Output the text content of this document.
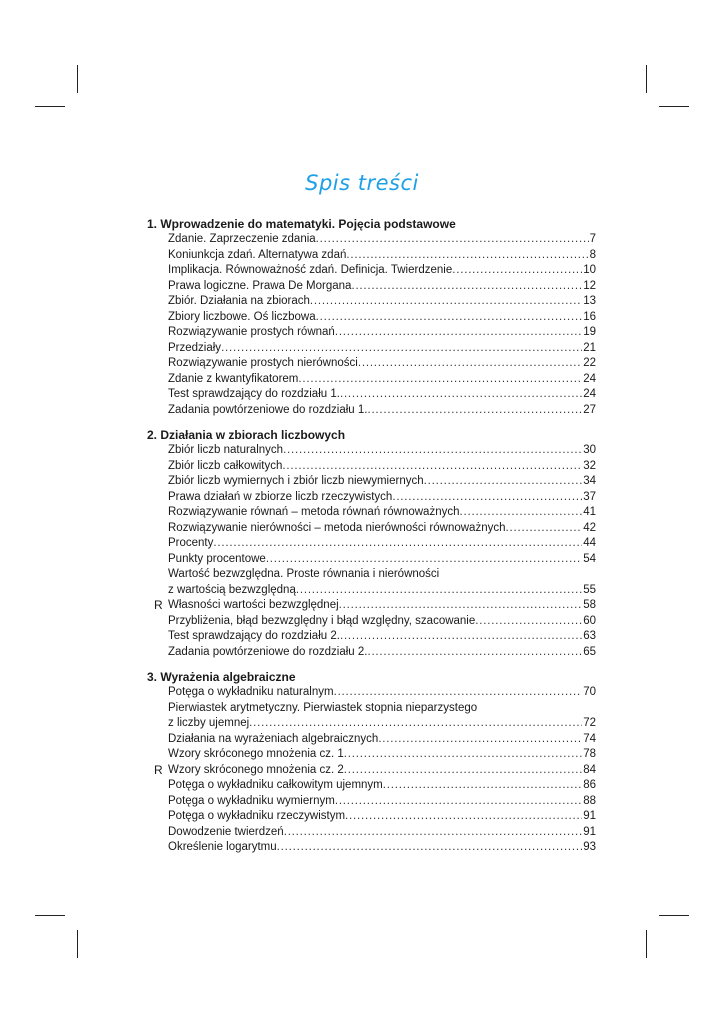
Spis treści
1. Wprowadzenie do matematyki. Pojęcia podstawowe
Zdanie. Zaprzeczenie zdania . . .	7
Koniunkcja zdań. Alternatywa zdań . . .	8
Implikacja. Równoważność zdań. Definicja. Twierdzenie . . .	10
Prawa logiczne. Prawa De Morgana . . .	12
Zbiór. Działania na zbiorach . . .	13
Zbiory liczbowe. Oś liczbowa . . .	16
Rozwiązywanie prostych równań . . .	19
Przedziały . . .	21
Rozwiązywanie prostych nierówności . . .	22
Zdanie z kwantyfikatorem . . .	24
Test sprawdzający do rozdziału 1. . . .	24
Zadania powtórzeniowe do rozdziału 1. . . .	27
2. Działania w zbiorach liczbowych
Zbiór liczb naturalnych . . .	30
Zbiór liczb całkowitych . . .	32
Zbiór liczb wymiernych i zbiór liczb niewymiernych . . .	34
Prawa działań w zbiorze liczb rzeczywistych . . .	37
Rozwiązywanie równań – metoda równań równoważnych . . .	41
Rozwiązywanie nierówności – metoda nierówności równoważnych . . .	42
Procenty . . .	44
Punkty procentowe . . .	54
Wartość bezwzględna. Proste równania i nierówności
z wartością bezwzględną . . .	55
R Własności wartości bezwzględnej . . .	58
Przybliżenia, błąd bezwzględny i błąd względny, szacowanie . . .	60
Test sprawdzający do rozdziału 2. . . .	63
Zadania powtórzeniowe do rozdziału 2. . . .	65
3. Wyrażenia algebraiczne
Potęga o wykładniku naturalnym . . .	70
Pierwiastek arytmetyczny. Pierwiastek stopnia nieparzystego
z liczby ujemnej . . .	72
Działania na wyrażeniach algebraicznych . . .	74
Wzory skróconego mnożenia cz. 1 . . .	78
R Wzory skróconego mnożenia cz. 2 . . .	84
Potęga o wykładniku całkowitym ujemnym . . .	86
Potęga o wykładniku wymiernym . . .	88
Potęga o wykładniku rzeczywistym . . .	91
Dowodzenie twierdzeń . . .	91
Określenie logarytmu . . .	93
